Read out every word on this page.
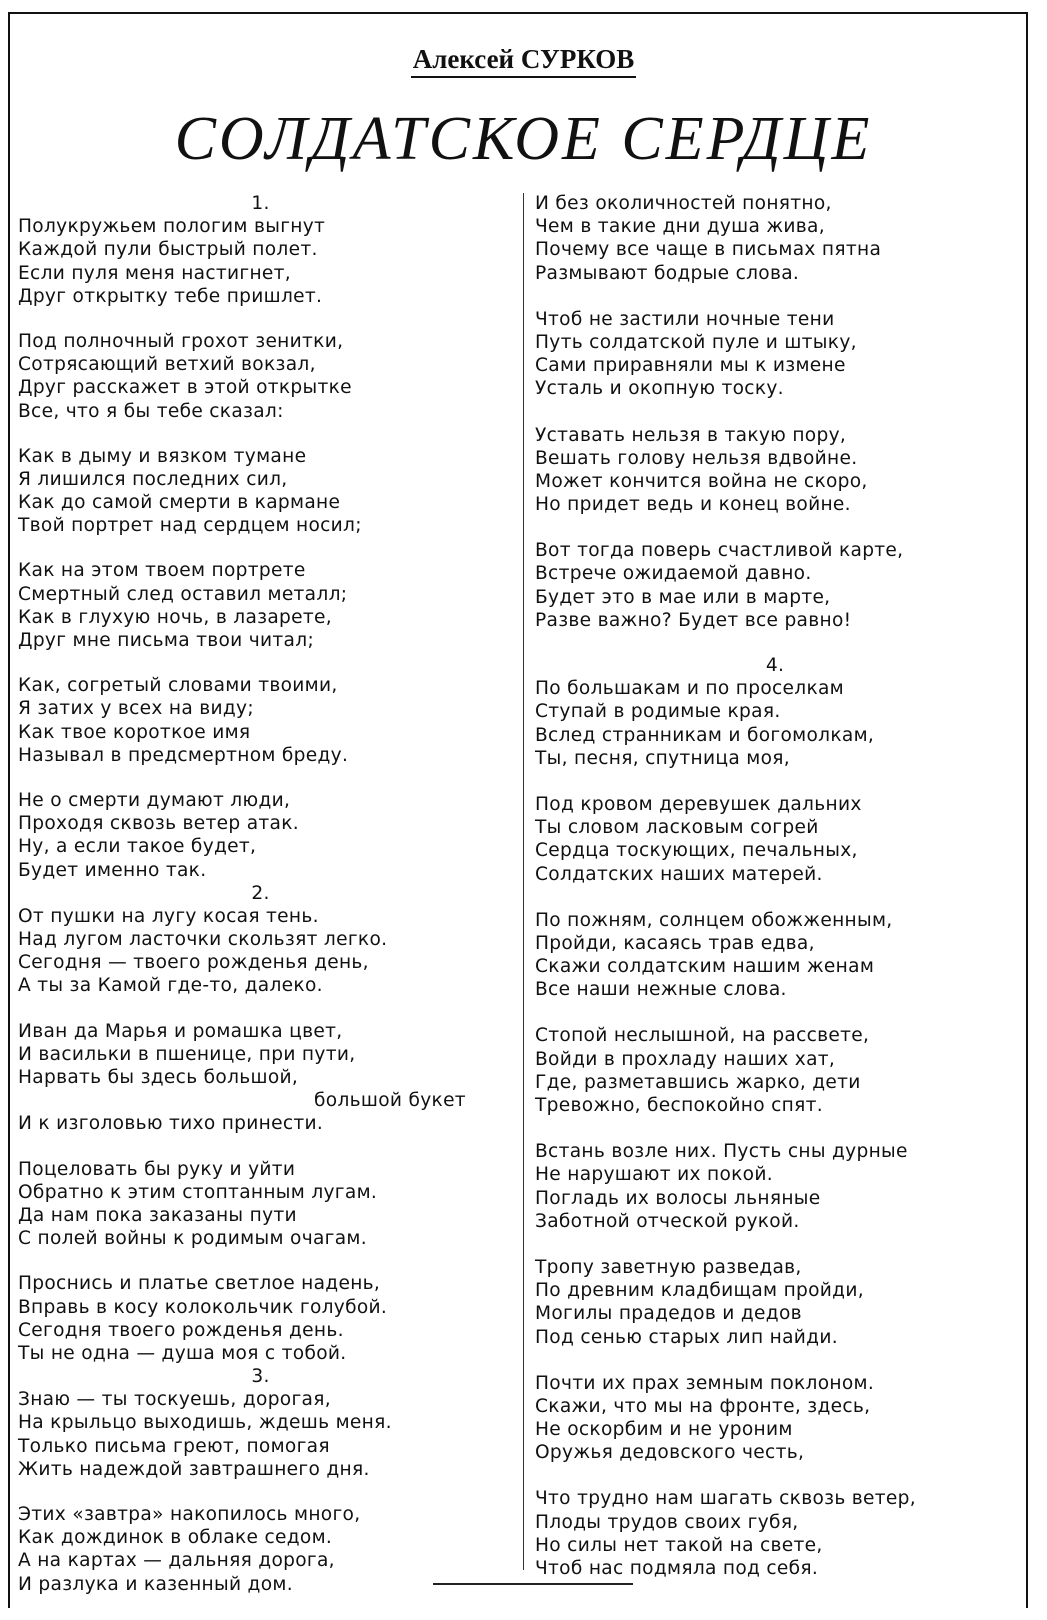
Алексей СУРКОВ
СОЛДАТСКОЕ СЕРДЦЕ
1.
Полукружьем пологим выгнут
Каждой пули быстрый полет.
Если пуля меня настигнет,
Друг открытку тебе пришлет.
Под полночный грохот зенитки,
Сотрясающий ветхий вокзал,
Друг расскажет в этой открытке
Все, что я бы тебе сказал:
Как в дыму и вязком тумане
Я лишился последних сил,
Как до самой смерти в кармане
Твой портрет над сердцем носил;
Как на этом твоем портрете
Смертный след оставил металл;
Как в глухую ночь, в лазарете,
Друг мне письма твои читал;
Как, согретый словами твоими,
Я затих у всех на виду;
Как твое короткое имя
Называл в предсмертном бреду.
Не о смерти думают люди,
Проходя сквозь ветер атак.
Ну, а если такое будет,
Будет именно так.
2.
От пушки на лугу косая тень.
Над лугом ласточки скользят легко.
Сегодня — твоего рожденья день,
А ты за Камой где-то, далеко.
Иван да Марья и ромашка цвет,
И васильки в пшенице, при пути,
Нарвать бы здесь большой,
большой букет
И к изголовью тихо принести.
Поцеловать бы руку и уйти
Обратно к этим стоптанным лугам.
Да нам пока заказаны пути
С полей войны к родимым очагам.
Проснись и платье светлое надень,
Вправь в косу колокольчик голубой.
Сегодня твоего рожденья день.
Ты не одна — душа моя с тобой.
3.
Знаю — ты тоскуешь, дорогая,
На крыльцо выходишь, ждешь меня.
Только письма греют, помогая
Жить надеждой завтрашнего дня.
Этих «завтра» накопилось много,
Как дождинок в облаке седом.
А на картах — дальняя дорога,
И разлука и казенный дом.
И без околичностей понятно,
Чем в такие дни душа жива,
Почему все чаще в письмах пятна
Размывают бодрые слова.
Чтоб не застили ночные тени
Путь солдатской пуле и штыку,
Сами приравняли мы к измене
Усталь и окопную тоску.
Уставать нельзя в такую пору,
Вешать голову нельзя вдвойне.
Может кончится война не скоро,
Но придет ведь и конец войне.
Вот тогда поверь счастливой карте,
Встрече ожидаемой давно.
Будет это в мае или в марте,
Разве важно? Будет все равно!
4.
По большакам и по проселкам
Ступай в родимые края.
Вслед странникам и богомолкам,
Ты, песня, спутница моя,
Под кровом деревушек дальних
Ты словом ласковым согрей
Сердца тоскующих, печальных,
Солдатских наших матерей.
По пожням, солнцем обожженным,
Пройди, касаясь трав едва,
Скажи солдатским нашим женам
Все наши нежные слова.
Стопой неслышной, на рассвете,
Войди в прохладу наших хат,
Где, разметавшись жарко, дети
Тревожно, беспокойно спят.
Встань возле них. Пусть сны дурные
Не нарушают их покой.
Погладь их волосы льняные
Заботной отческой рукой.
Тропу заветную разведав,
По древним кладбищам пройди,
Могилы прадедов и дедов
Под сенью старых лип найди.
Почти их прах земным поклоном.
Скажи, что мы на фронте, здесь,
Не оскорбим и не уроним
Оружья дедовского честь,
Что трудно нам шагать сквозь ветер,
Плоды трудов своих губя,
Но силы нет такой на свете,
Чтоб нас подмяла под себя.
